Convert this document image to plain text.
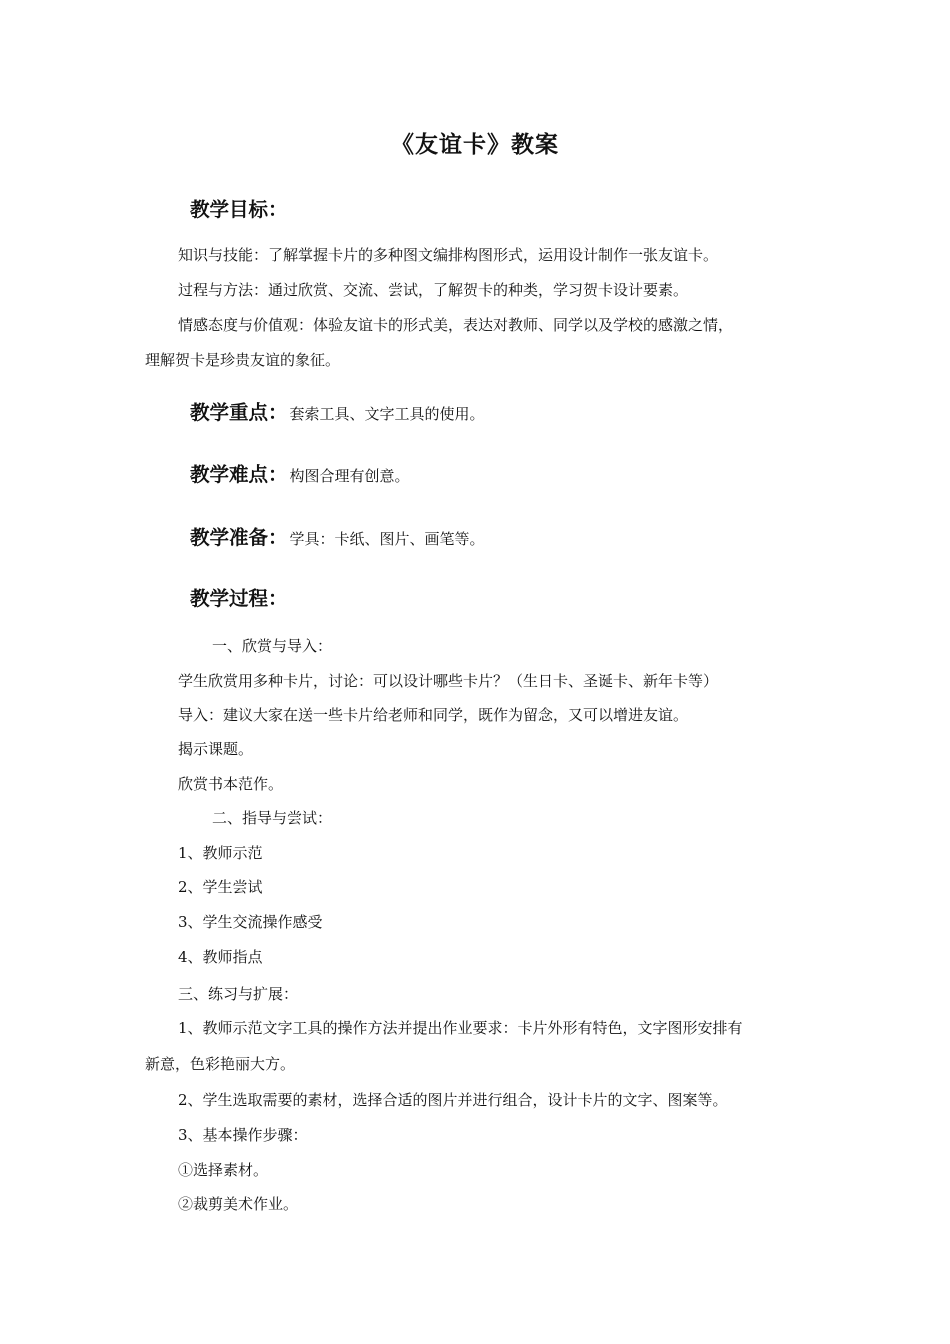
《友谊卡》教案
教学目标：
知识与技能：了解掌握卡片的多种图文编排构图形式，运用设计制作一张友谊卡。
过程与方法：通过欣赏、交流、尝试，了解贺卡的种类，学习贺卡设计要素。
情感态度与价值观：体验友谊卡的形式美，表达对教师、同学以及学校的感激之情，
理解贺卡是珍贵友谊的象征。
教学重点： 套索工具、文字工具的使用。
教学难点： 构图合理有创意。
教学准备： 学具：卡纸、图片、画笔等。
教学过程：
一、欣赏与导入：
学生欣赏用多种卡片，讨论：可以设计哪些卡片？（生日卡、圣诞卡、新年卡等）
导入：建议大家在送一些卡片给老师和同学，既作为留念，又可以增进友谊。
揭示课题。
欣赏书本范作。
二、指导与尝试：
1、教师示范
2、学生尝试
3、学生交流操作感受
4、教师指点
三、练习与扩展：
1、教师示范文字工具的操作方法并提出作业要求：卡片外形有特色，文字图形安排有
新意，色彩艳丽大方。
2、学生选取需要的素材，选择合适的图片并进行组合，设计卡片的文字、图案等。
3、基本操作步骤：
①选择素材。
②裁剪美术作业。
